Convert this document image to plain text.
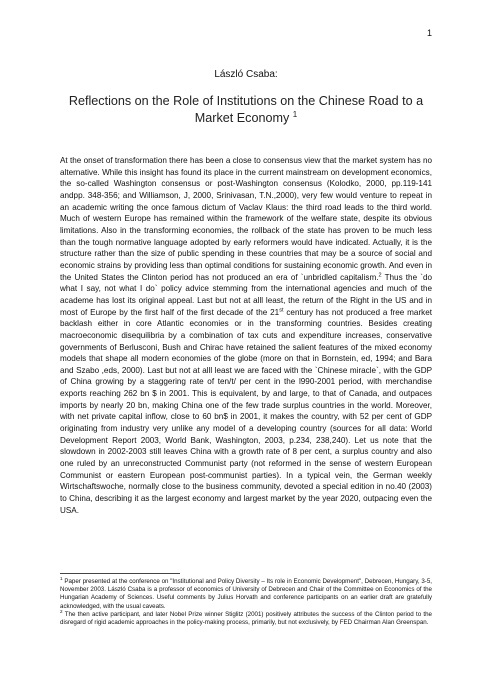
1
László Csaba:
Reflections on the Role of Institutions on the Chinese Road to a Market Economy $^1$

At the onset of transformation there has been a close to consensus view that the market system has no alternative. While this insight has found its place in the current mainstream on development economics, the so-called Washington consensus or post-Washington consensus (Kolodko, 2000, pp.119-141 andpp. 348-356; and Williamson, J, 2000, Srinivasan, T.N.,2000), very few would venture to repeat in an academic writing the once famous dictum of Vaclav Klaus: the third road leads to the third world. Much of western Europe has remained within the framework of the welfare state, despite its obvious limitations. Also in the transforming economies, the rollback of the state has proven to be much less than the tough normative language adopted by early reformers would have indicated. Actually, it is the structure rather than the size of public spending in these countries that may be a source of social and economic strains by providing less than optimal conditions for sustaining economic growth. And even in the United States the Clinton period has not produced an era of `unbridled capitalism.$^2$ Thus the `do what I say, not what I do` policy advice stemming from the international agencies and much of the academe has lost its original appeal. Last but not at alll least, the return of the Right in the US and in most of Europe by the first half of the first decade of the 21st century has not produced a free market backlash either in core Atlantic economies or in the transforming countries. Besides creating macroeconomic disequilibria by a combination of tax cuts and expenditure increases, conservative governments of Berlusconi, Bush and Chirac have retained the salient features of the mixed economy models that shape all modern economies of the globe (more on that in Bornstein, ed, 1994; and Bara and Szabo ,eds, 2000). Last but not at alll least we are faced with the `Chinese miracle`, with the GDP of China growing by a staggering rate of ten/t/ per cent in the l990-2001 period, with merchandise exports reaching 262 bn $ in 2001. This is equivalent, by and large, to that of Canada, and outpaces imports by nearly 20 bn, making China one of the few trade surplus countries in the world. Moreover, with net private capital inflow, close to 60 bn$ in 2001, it makes the country, with 52 per cent of GDP originating from industry very unlike any model of a developing country (sources for all data: World Development Report 2003, World Bank, Washington, 2003, p.234, 238,240). Let us note that the slowdown in 2002-2003 still leaves China with a growth rate of 8 per cent, a surplus country and also one ruled by an unreconstructed Communist party (not reformed in the sense of western European Communist or eastern European post-communist parties). In a typical vein, the German weekly Wirtschaftswoche, normally close to the business community, devoted a special edition in no.40 (2003) to China, describing it as the largest economy and largest market by the year 2020, outpacing even the USA.

$^1$ Paper presented at the conference on "Institutional and Policy Diversity – Its role in Economic Development", Debrecen, Hungary, 3-5, November 2003. László Csaba is a professor of economics of University of Debrecen and Chair of the Committee on Economics of the Hungarian Academy of Sciences. Useful comments by Julius Horvath and conference participants on an earlier draft are gratefully acknowledged, with the usual caveats.

$^2$ The then active participant, and later Nobel Prize winner Stiglitz (2001) positively attributes the success of the Clinton period to the disregard of rigid academic approaches in the policy-making process, primarily, but not exclusively, by FED Chairman Alan Greenspan.
